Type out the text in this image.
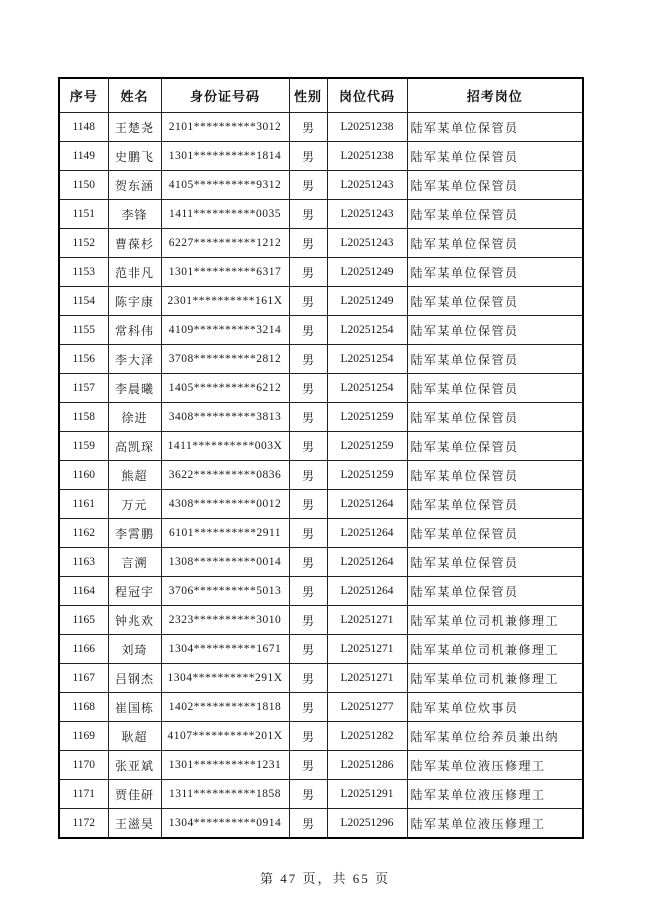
序号	姓名	身份证号码	性别	岗位代码	招考岗位
1148	王楚尧	2101**********3012	男	L20251238	陆军某单位保管员
1149	史鹏飞	1301**********1814	男	L20251238	陆军某单位保管员
1150	贺东涵	4105**********9312	男	L20251243	陆军某单位保管员
1151	李锋	1411**********0035	男	L20251243	陆军某单位保管员
1152	曹葆杉	6227**********1212	男	L20251243	陆军某单位保管员
1153	范非凡	1301**********6317	男	L20251249	陆军某单位保管员
1154	陈宇康	2301**********161X	男	L20251249	陆军某单位保管员
1155	常科伟	4109**********3214	男	L20251254	陆军某单位保管员
1156	李大泽	3708**********2812	男	L20251254	陆军某单位保管员
1157	李晨曦	1405**********6212	男	L20251254	陆军某单位保管员
1158	徐进	3408**********3813	男	L20251259	陆军某单位保管员
1159	高凯琛	1411**********003X	男	L20251259	陆军某单位保管员
1160	熊超	3622**********0836	男	L20251259	陆军某单位保管员
1161	万元	4308**********0012	男	L20251264	陆军某单位保管员
1162	李霄鹏	6101**********2911	男	L20251264	陆军某单位保管员
1163	言溯	1308**********0014	男	L20251264	陆军某单位保管员
1164	程冠宇	3706**********5013	男	L20251264	陆军某单位保管员
1165	钟兆欢	2323**********3010	男	L20251271	陆军某单位司机兼修理工
1166	刘琦	1304**********1671	男	L20251271	陆军某单位司机兼修理工
1167	吕钢杰	1304**********291X	男	L20251271	陆军某单位司机兼修理工
1168	崔国栋	1402**********1818	男	L20251277	陆军某单位炊事员
1169	耿超	4107**********201X	男	L20251282	陆军某单位给养员兼出纳
1170	张亚斌	1301**********1231	男	L20251286	陆军某单位液压修理工
1171	贾佳研	1311**********1858	男	L20251291	陆军某单位液压修理工
1172	王滋昊	1304**********0914	男	L20251296	陆军某单位液压修理工
第 47 页，共 65 页
